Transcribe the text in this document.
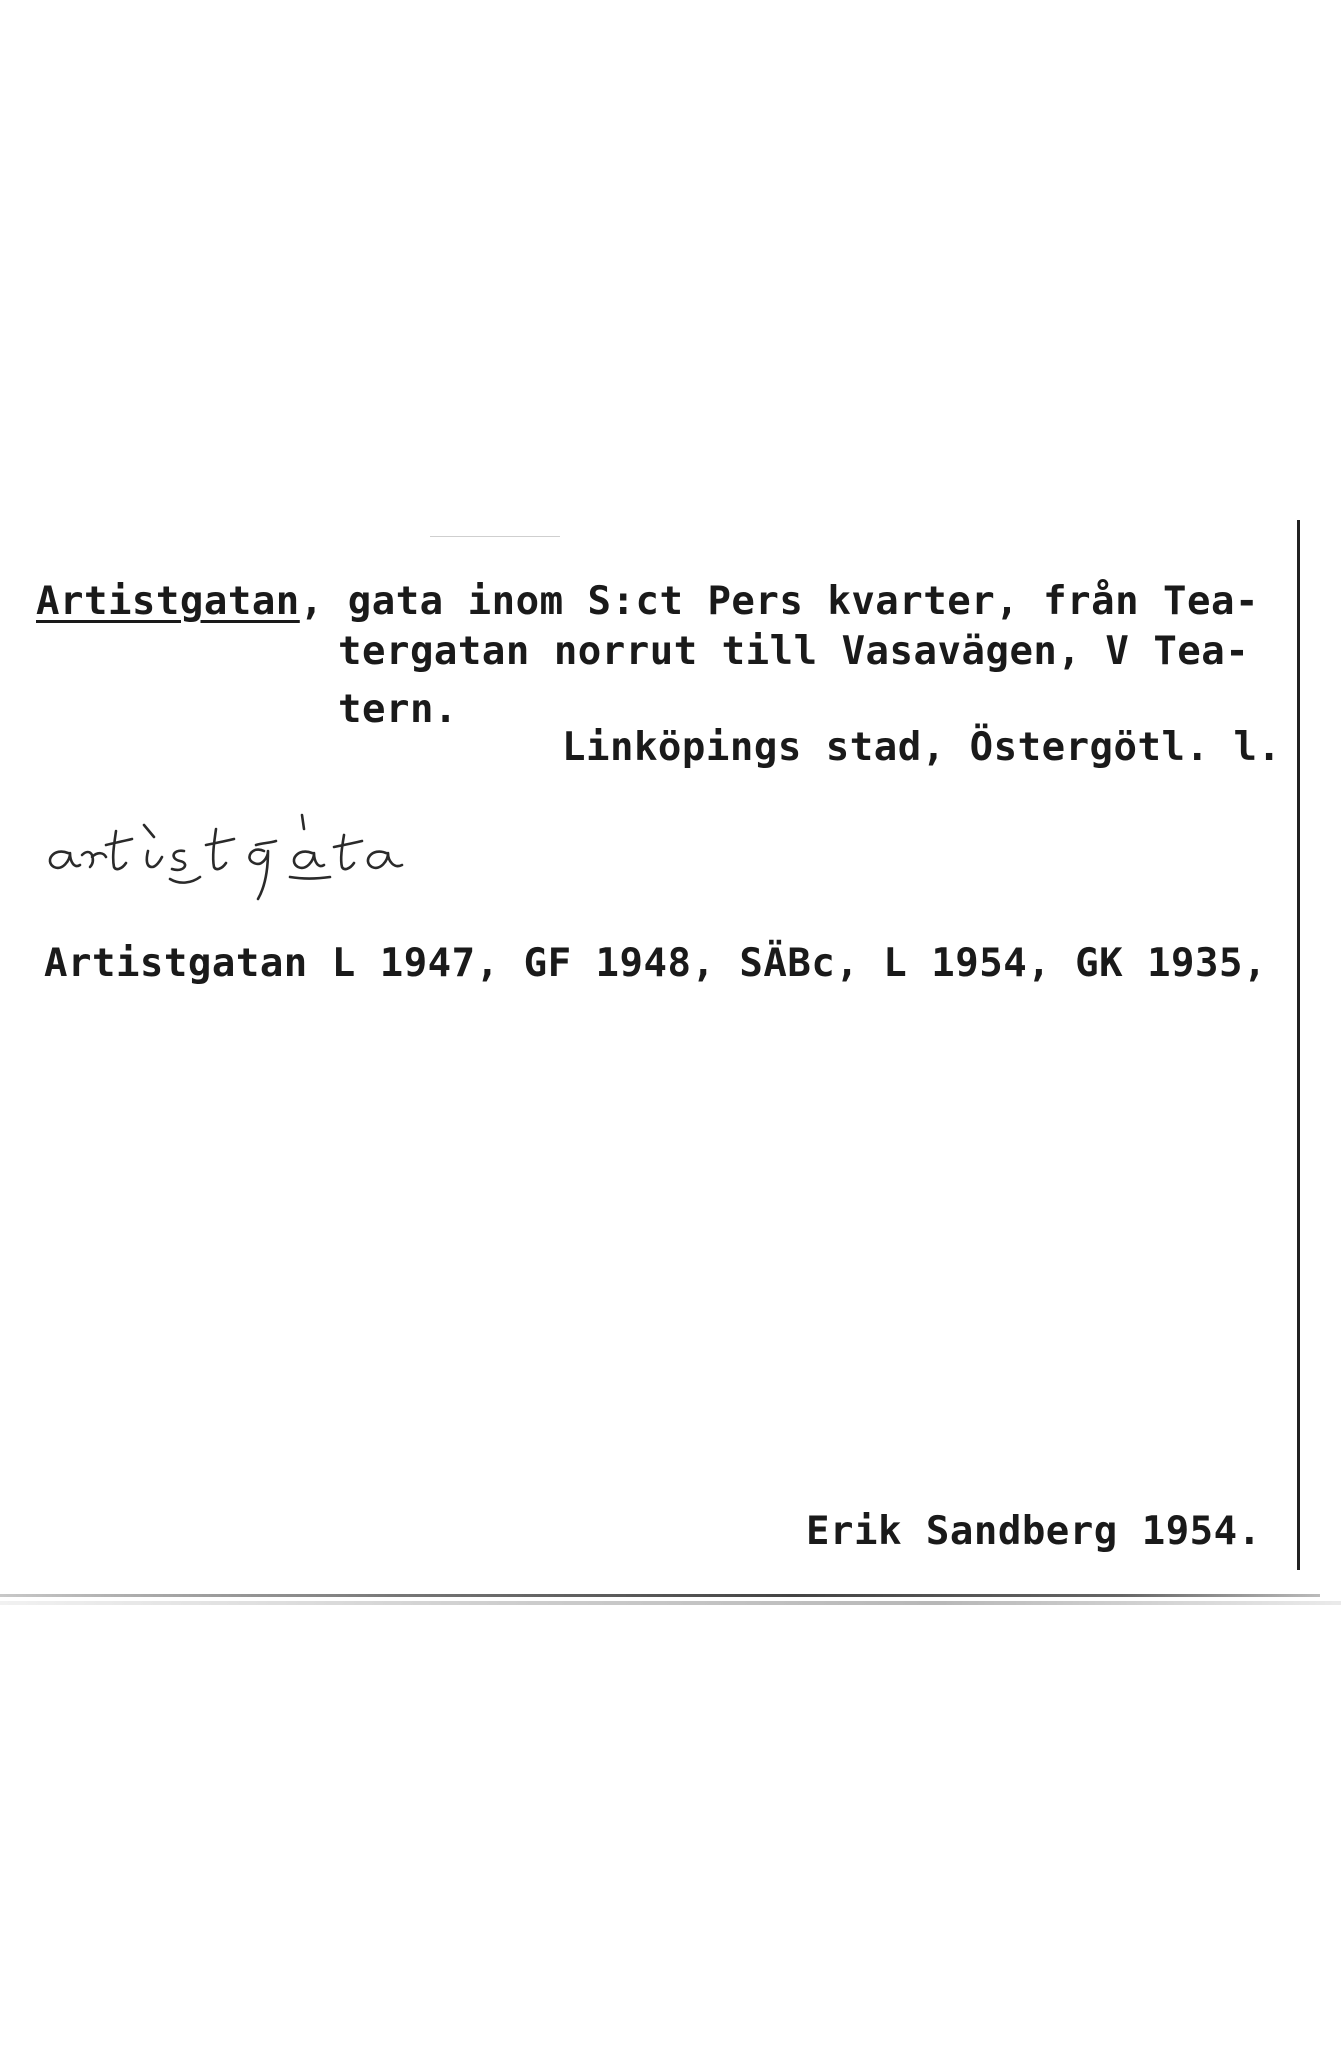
Artistgatan, gata inom S:ct Pers kvarter, från Tea-
tergatan norrut till Vasavägen, V Tea-
tern.
Linköpings stad, Östergötl. l.
Artistgatan L 1947, GF 1948, SÄBc, L 1954, GK 1935,
Erik Sandberg 1954.
